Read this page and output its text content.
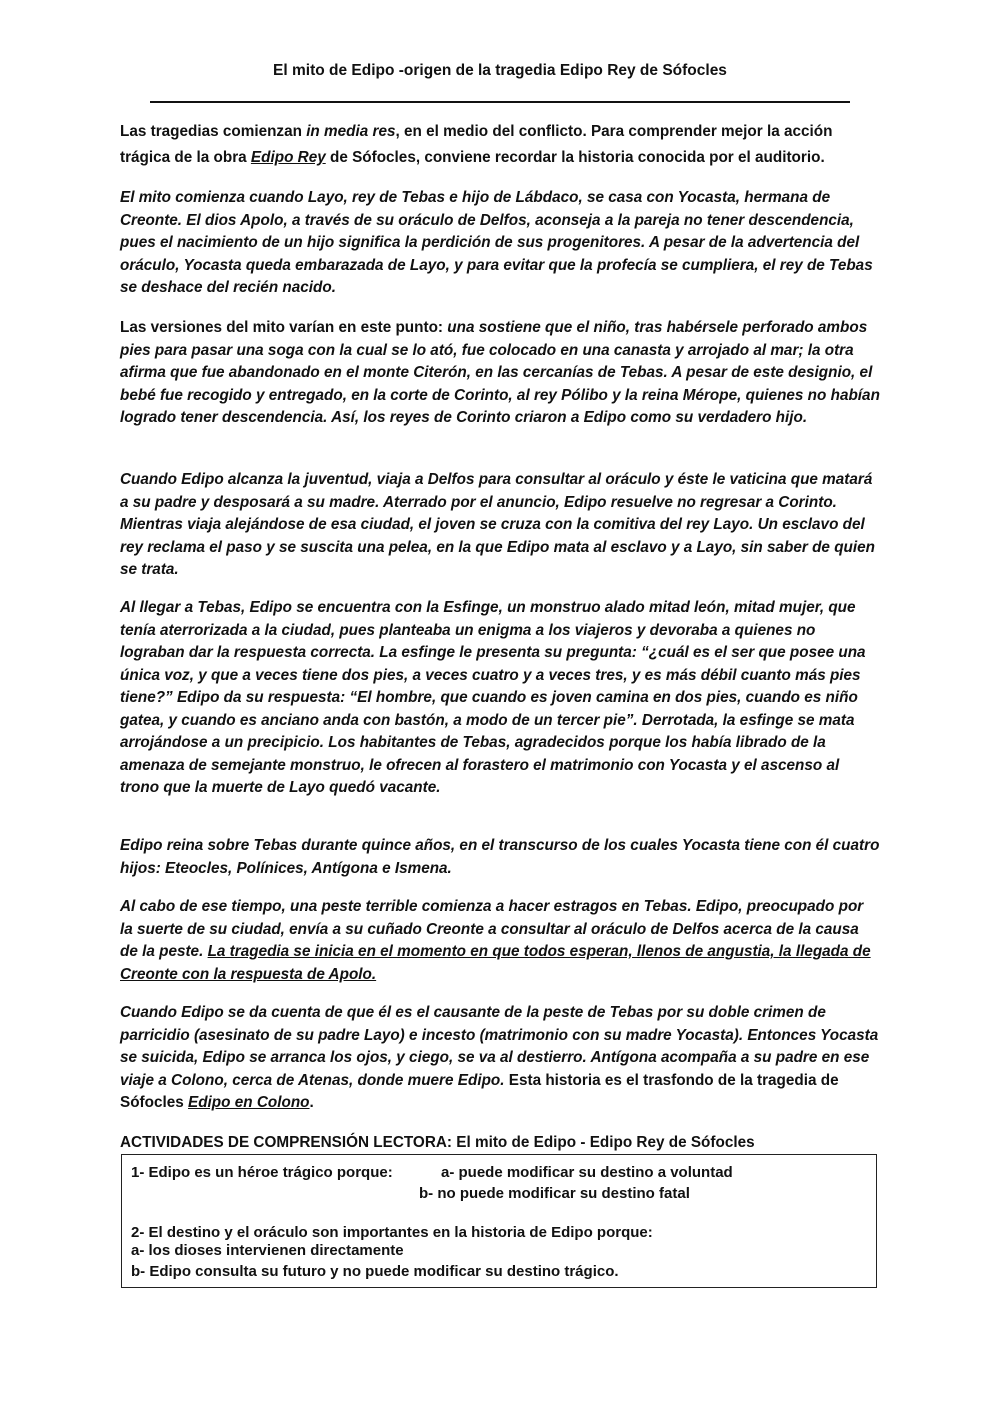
El mito de Edipo -origen de la tragedia Edipo Rey de Sófocles

Las tragedias comienzan in media res, en el medio del conflicto. Para comprender mejor la acción trágica de la obra Edipo Rey de Sófocles, conviene recordar la historia conocida por el auditorio.

El mito comienza cuando Layo, rey de Tebas e hijo de Lábdaco, se casa con Yocasta, hermana de Creonte. El dios Apolo, a través de su oráculo de Delfos, aconseja a la pareja no tener descendencia, pues el nacimiento de un hijo significa la perdición de sus progenitores. A pesar de la advertencia del oráculo, Yocasta queda embarazada de Layo, y para evitar que la profecía se cumpliera, el rey de Tebas se deshace del recién nacido.

Las versiones del mito varían en este punto: una sostiene que el niño, tras habérsele perforado ambos pies para pasar una soga con la cual se lo ató, fue colocado en una canasta y arrojado al mar; la otra afirma que fue abandonado en el monte Citerón, en las cercanías de Tebas. A pesar de este designio, el bebé fue recogido y entregado, en la corte de Corinto, al rey Pólibo y la reina Mérope, quienes no habían logrado tener descendencia. Así, los reyes de Corinto criaron a Edipo como su verdadero hijo.

Cuando Edipo alcanza la juventud, viaja a Delfos para consultar al oráculo y éste le vaticina que matará a su padre y desposará a su madre. Aterrado por el anuncio, Edipo resuelve no regresar a Corinto. Mientras viaja alejándose de esa ciudad, el joven se cruza con la comitiva del rey Layo. Un esclavo del rey reclama el paso y se suscita una pelea, en la que Edipo mata al esclavo y a Layo, sin saber de quien se trata.

Al llegar a Tebas, Edipo se encuentra con la Esfinge, un monstruo alado mitad león, mitad mujer, que tenía aterrorizada a la ciudad, pues planteaba un enigma a los viajeros y devoraba a quienes no lograban dar la respuesta correcta. La esfinge le presenta su pregunta: “¿cuál es el ser que posee una única voz, y que a veces tiene dos pies, a veces cuatro y a veces tres, y es más débil cuanto más pies tiene?” Edipo da su respuesta: “El hombre, que cuando es joven camina en dos pies, cuando es niño gatea, y cuando es anciano anda con bastón, a modo de un tercer pie”. Derrotada, la esfinge se mata arrojándose a un precipicio. Los habitantes de Tebas, agradecidos porque los había librado de la amenaza de semejante monstruo, le ofrecen al forastero el matrimonio con Yocasta y el ascenso al trono que la muerte de Layo quedó vacante.

Edipo reina sobre Tebas durante quince años, en el transcurso de los cuales Yocasta tiene con él cuatro hijos: Eteocles, Polínices, Antígona e Ismena.

Al cabo de ese tiempo, una peste terrible comienza a hacer estragos en Tebas. Edipo, preocupado por la suerte de su ciudad, envía a su cuñado Creonte a consultar al oráculo de Delfos acerca de la causa de la peste. La tragedia se inicia en el momento en que todos esperan, llenos de angustia, la llegada de Creonte con la respuesta de Apolo.

Cuando Edipo se da cuenta de que él es el causante de la peste de Tebas por su doble crimen de parricidio (asesinato de su padre Layo) e incesto (matrimonio con su madre Yocasta). Entonces Yocasta se suicida, Edipo se arranca los ojos, y ciego, se va al destierro. Antígona acompaña a su padre en ese viaje a Colono, cerca de Atenas, donde muere Edipo. Esta historia es el trasfondo de la tragedia de Sófocles Edipo en Colono.

ACTIVIDADES DE COMPRENSIÓN LECTORA: El mito de Edipo - Edipo Rey de Sófocles
1- Edipo es un héroe trágico porque:	a- puede modificar su destino a voluntad
b- no puede modificar su destino fatal
2- El destino y el oráculo son importantes en la historia de Edipo porque:
a- los dioses intervienen directamente
b- Edipo consulta su futuro y no puede modificar su destino trágico.
